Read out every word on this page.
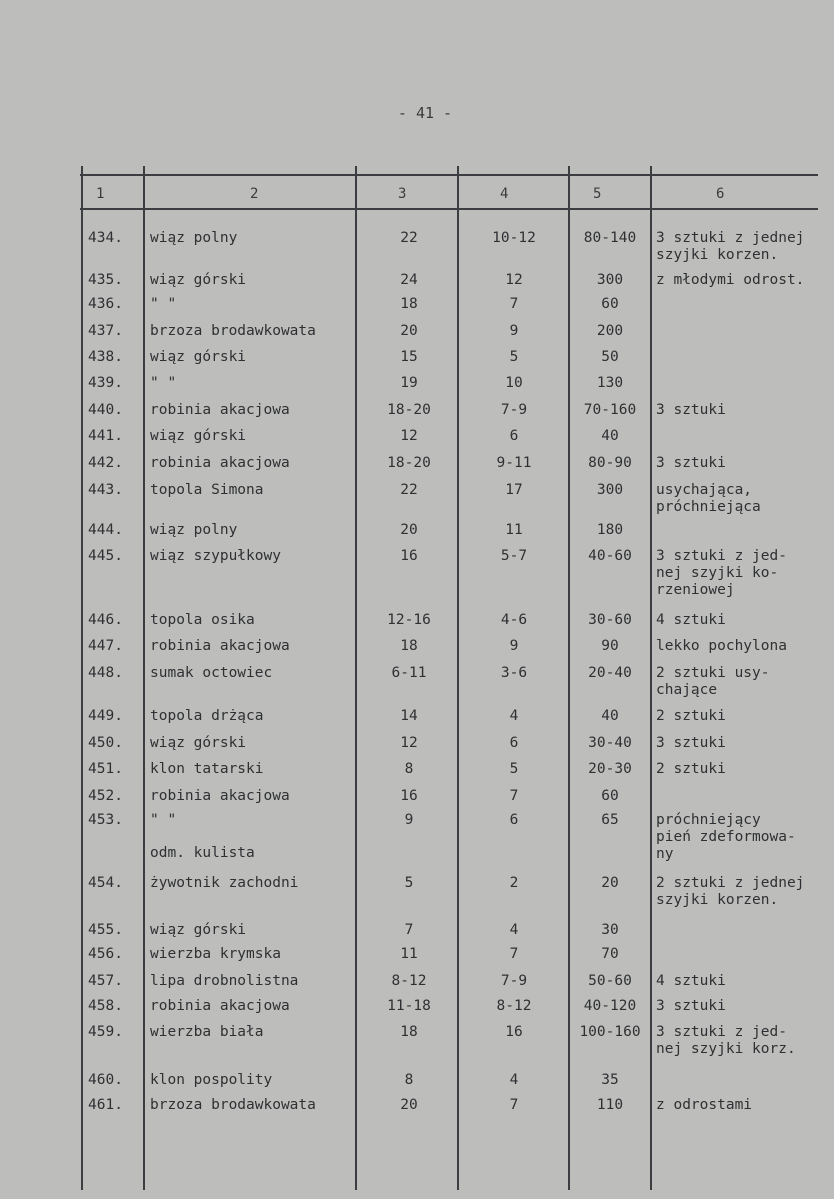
- 41 -
1	2	3	4	5	6
434.	wiąz polny	22	10-12	80-140	3 sztuki z jednej
szyjki korzen.
435.	wiąz górski	24	12	300	z młodymi odrost.
436.	" "	18	7	60
437.	brzoza brodawkowata	20	9	200
438.	wiąz górski	15	5	50
439.	" "	19	10	130
440.	robinia akacjowa	18-20	7-9	70-160	3 sztuki
441.	wiąz górski	12	6	40
442.	robinia akacjowa	18-20	9-11	80-90	3 sztuki
443.	topola Simona	22	17	300	usychająca,
próchniejąca
444.	wiąz polny	20	11	180
445.	wiąz szypułkowy	16	5-7	40-60	3 sztuki z jed-
nej szyjki ko-
rzeniowej
446.	topola osika	12-16	4-6	30-60	4 sztuki
447.	robinia akacjowa	18	9	90	lekko pochylona
448.	sumak octowiec	6-11	3-6	20-40	2 sztuki usy-
chające
449.	topola drżąca	14	4	40	2 sztuki
450.	wiąz górski	12	6	30-40	3 sztuki
451.	klon tatarski	8	5	20-30	2 sztuki
452.	robinia akacjowa	16	7	60
453.	" "	9	6	65	próchniejący
pień zdeformowa-
ny
odm. kulista
454.	żywotnik zachodni	5	2	20	2 sztuki z jednej
szyjki korzen.
455.	wiąz górski	7	4	30
456.	wierzba krymska	11	7	70
457.	lipa drobnolistna	8-12	7-9	50-60	4 sztuki
458.	robinia akacjowa	11-18	8-12	40-120	3 sztuki
459.	wierzba biała	18	16	100-160	3 sztuki z jed-
nej szyjki korz.
460.	klon pospolity	8	4	35
461.	brzoza brodawkowata	20	7	110	z odrostami
